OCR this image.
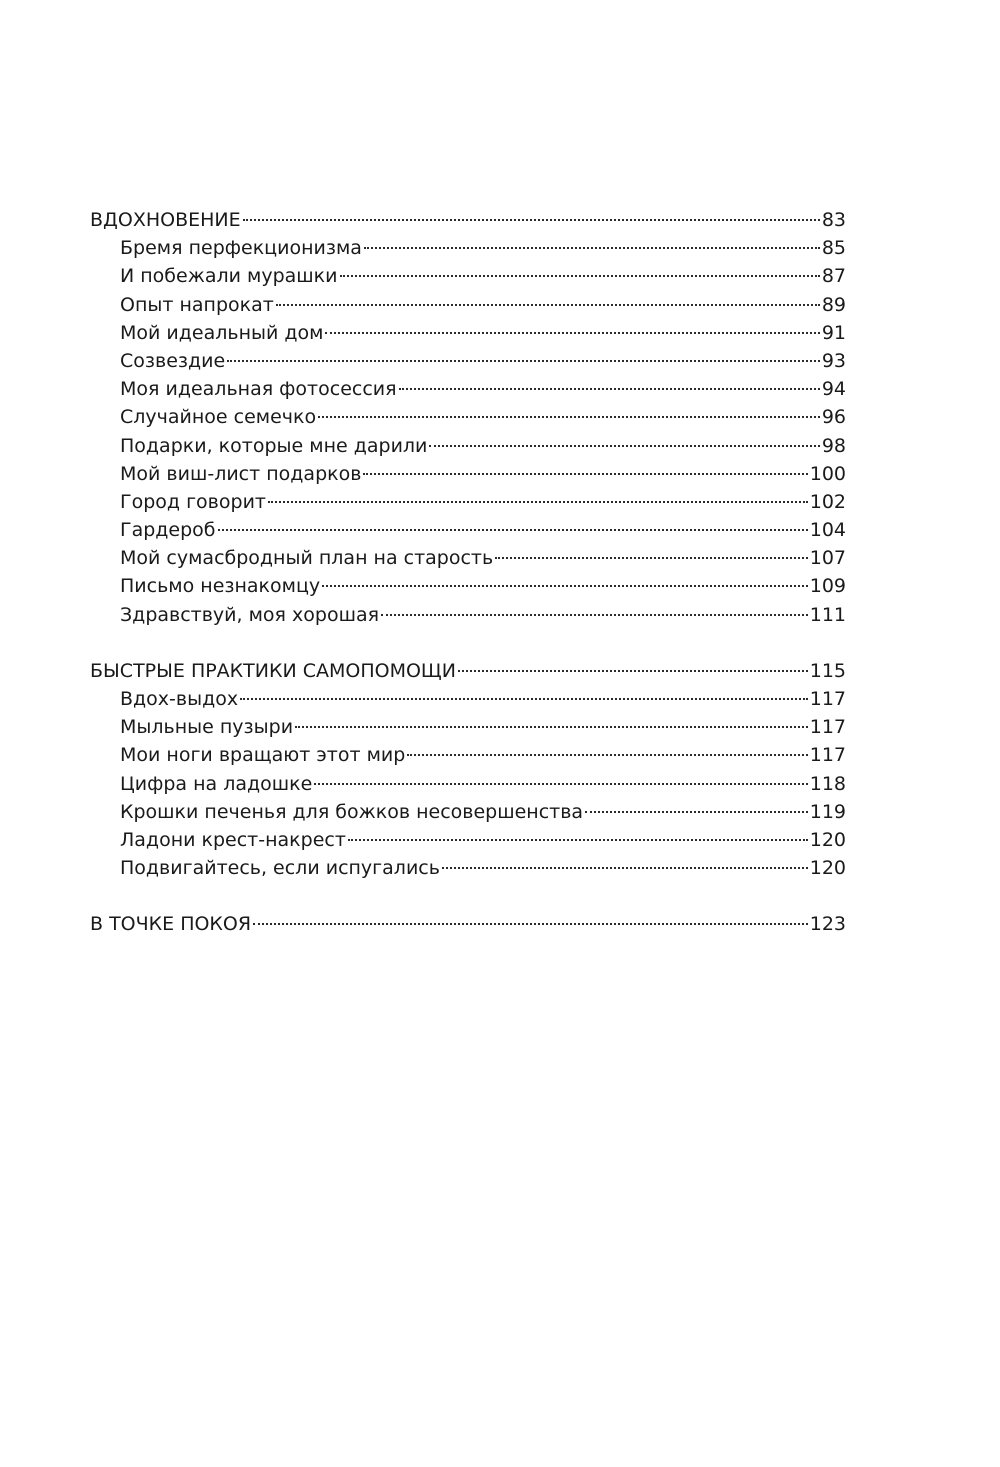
ВДОХНОВЕНИЕ	83
Бремя перфекционизма	85
И побежали мурашки	87
Опыт напрокат	89
Мой идеальный дом	91
Созвездие	93
Моя идеальная фотосессия	94
Случайное семечко	96
Подарки, которые мне дарили	98
Мой виш-лист подарков	100
Город говорит	102
Гардероб	104
Мой сумасбродный план на старость	107
Письмо незнакомцу	109
Здравствуй, моя хорошая	111
БЫСТРЫЕ ПРАКТИКИ САМОПОМОЩИ	115
Вдох-выдох	117
Мыльные пузыри	117
Мои ноги вращают этот мир	117
Цифра на ладошке	118
Крошки печенья для божков несовершенства	119
Ладони крест-накрест	120
Подвигайтесь, если испугались	120
В ТОЧКЕ ПОКОЯ	123
